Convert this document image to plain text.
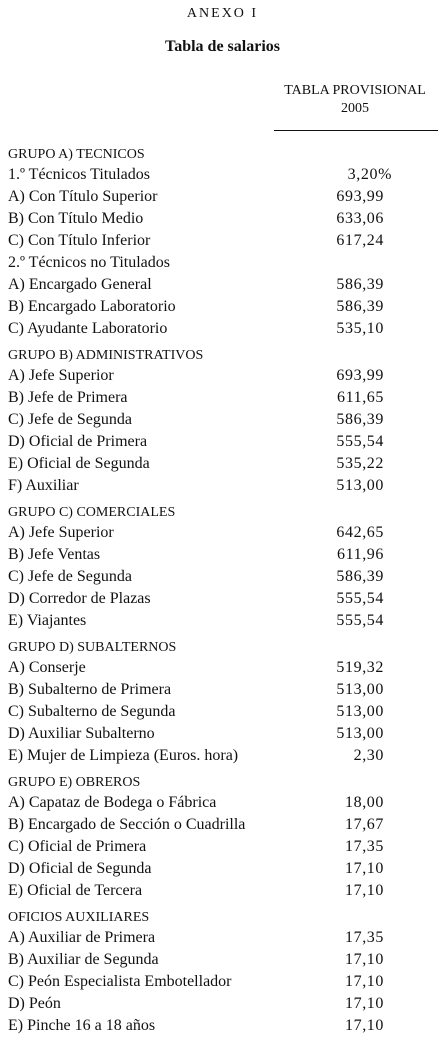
ANEXO I
Tabla de salarios
TABLA PROVISIONAL
2005
GRUPO A) TECNICOS
1.º Técnicos Titulados	3,20%
A) Con Título Superior	693,99
B) Con Título Medio	633,06
C) Con Título Inferior	617,24
2.º Técnicos no Titulados
A) Encargado General	586,39
B) Encargado Laboratorio	586,39
C) Ayudante Laboratorio	535,10
GRUPO B) ADMINISTRATIVOS
A) Jefe Superior	693,99
B) Jefe de Primera	611,65
C) Jefe de Segunda	586,39
D) Oficial de Primera	555,54
E) Oficial de Segunda	535,22
F) Auxiliar	513,00
GRUPO C) COMERCIALES
A) Jefe Superior	642,65
B) Jefe Ventas	611,96
C) Jefe de Segunda	586,39
D) Corredor de Plazas	555,54
E) Viajantes	555,54
GRUPO D) SUBALTERNOS
A) Conserje	519,32
B) Subalterno de Primera	513,00
C) Subalterno de Segunda	513,00
D) Auxiliar Subalterno	513,00
E) Mujer de Limpieza (Euros. hora)	2,30
GRUPO E) OBREROS
A) Capataz de Bodega o Fábrica	18,00
B) Encargado de Sección o Cuadrilla	17,67
C) Oficial de Primera	17,35
D) Oficial de Segunda	17,10
E) Oficial de Tercera	17,10
OFICIOS AUXILIARES
A) Auxiliar de Primera	17,35
B) Auxiliar de Segunda	17,10
C) Peón Especialista Embotellador	17,10
D) Peón	17,10
E) Pinche 16 a 18 años	17,10
